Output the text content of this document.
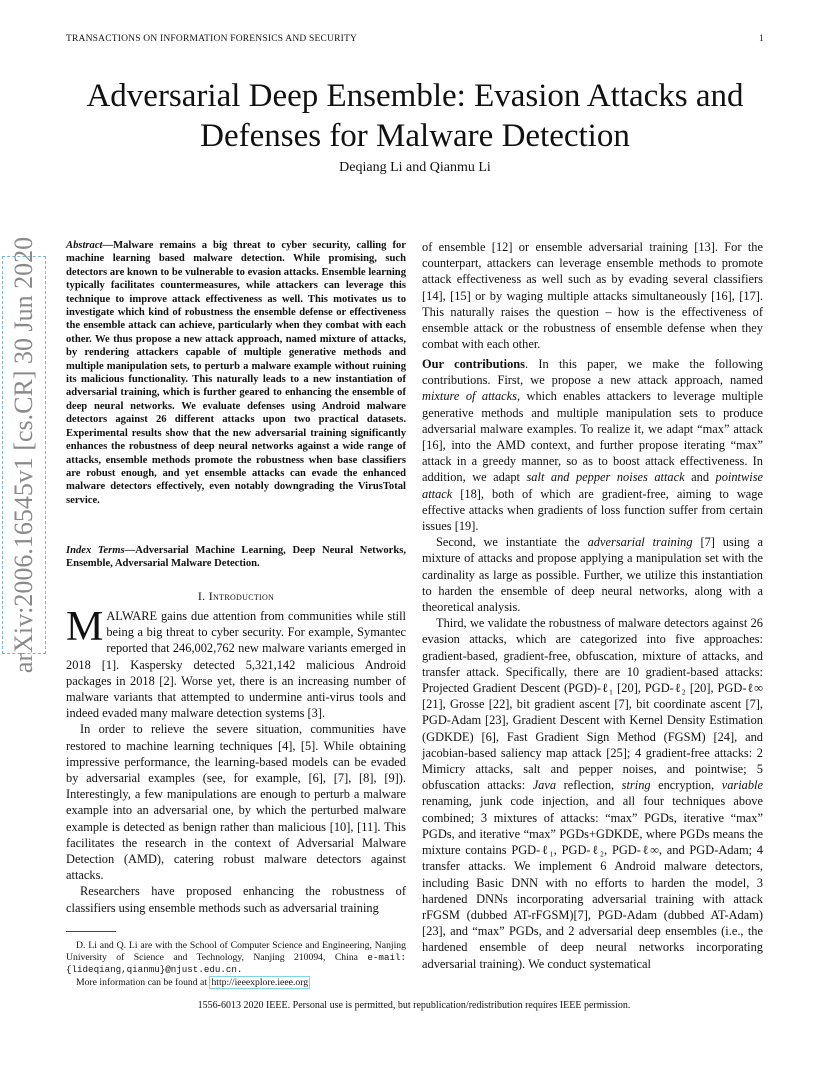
TRANSACTIONS ON INFORMATION FORENSICS AND SECURITY	1
arXiv:2006.16545v1 [cs.CR] 30 Jun 2020
Adversarial Deep Ensemble: Evasion Attacks and
Defenses for Malware Detection
Deqiang Li and Qianmu Li

Abstract—Malware remains a big threat to cyber security, calling for machine learning based malware detection. While promising, such detectors are known to be vulnerable to evasion attacks. Ensemble learning typically facilitates countermeasures, while attackers can leverage this technique to improve attack effectiveness as well. This motivates us to investigate which kind of robustness the ensemble defense or effectiveness the ensemble attack can achieve, particularly when they combat with each other. We thus propose a new attack approach, named mixture of attacks, by rendering attackers capable of multiple generative methods and multiple manipulation sets, to perturb a malware example without ruining its malicious functionality. This naturally leads to a new instantiation of adversarial training, which is further geared to enhancing the ensemble of deep neural networks. We evaluate defenses using Android malware detectors against 26 different attacks upon two practical datasets. Experimental results show that the new adversarial training significantly enhances the robustness of deep neural networks against a wide range of attacks, ensemble methods promote the robustness when base classifiers are robust enough, and yet ensemble attacks can evade the enhanced malware detectors effectively, even notably downgrading the VirusTotal service.

Index Terms—Adversarial Machine Learning, Deep Neural Networks, Ensemble, Adversarial Malware Detection.

I. Introduction

MALWARE gains due attention from communities while still being a big threat to cyber security. For example, Symantec reported that 246,002,762 new malware variants emerged in 2018 [1]. Kaspersky detected 5,321,142 malicious Android packages in 2018 [2]. Worse yet, there is an increasing number of malware variants that attempted to undermine anti-virus tools and indeed evaded many malware detection systems [3].

In order to relieve the severe situation, communities have restored to machine learning techniques [4], [5]. While obtaining impressive performance, the learning-based models can be evaded by adversarial examples (see, for example, [6], [7], [8], [9]). Interestingly, a few manipulations are enough to perturb a malware example into an adversarial one, by which the perturbed malware example is detected as benign rather than malicious [10], [11]. This facilitates the research in the context of Adversarial Malware Detection (AMD), catering robust malware detectors against attacks.

Researchers have proposed enhancing the robustness of classifiers using ensemble methods such as adversarial training

D. Li and Q. Li are with the School of Computer Science and Engineering, Nanjing University of Science and Technology, Nanjing 210094, China e-mail: {lideqiang,qianmu}@njust.edu.cn.

More information can be found at http://ieeexplore.ieee.org

of ensemble [12] or ensemble adversarial training [13]. For the counterpart, attackers can leverage ensemble methods to promote attack effectiveness as well such as by evading several classifiers [14], [15] or by waging multiple attacks simultaneously [16], [17]. This naturally raises the question – how is the effectiveness of ensemble attack or the robustness of ensemble defense when they combat with each other.

Our contributions. In this paper, we make the following contributions. First, we propose a new attack approach, named mixture of attacks, which enables attackers to leverage multiple generative methods and multiple manipulation sets to produce adversarial malware examples. To realize it, we adapt “max” attack [16], into the AMD context, and further propose iterating “max” attack in a greedy manner, so as to boost attack effectiveness. In addition, we adapt salt and pepper noises attack and pointwise attack [18], both of which are gradient-free, aiming to wage effective attacks when gradients of loss function suffer from certain issues [19].

Second, we instantiate the adversarial training [7] using a mixture of attacks and propose applying a manipulation set with the cardinality as large as possible. Further, we utilize this instantiation to harden the ensemble of deep neural networks, along with a theoretical analysis.

Third, we validate the robustness of malware detectors against 26 evasion attacks, which are categorized into five approaches: gradient-based, gradient-free, obfuscation, mixture of attacks, and transfer attack. Specifically, there are 10 gradient-based attacks: Projected Gradient Descent (PGD)-ℓ₁ [20], PGD-ℓ₂ [20], PGD-ℓ∞ [21], Grosse [22], bit gradient ascent [7], bit coordinate ascent [7], PGD-Adam [23], Gradient Descent with Kernel Density Estimation (GDKDE) [6], Fast Gradient Sign Method (FGSM) [24], and jacobian-based saliency map attack [25]; 4 gradient-free attacks: 2 Mimicry attacks, salt and pepper noises, and pointwise; 5 obfuscation attacks: Java reflection, string encryption, variable renaming, junk code injection, and all four techniques above combined; 3 mixtures of attacks: “max” PGDs, iterative “max” PGDs, and iterative “max” PGDs+GDKDE, where PGDs means the mixture contains PGD-ℓ₁, PGD-ℓ₂, PGD-ℓ∞, and PGD-Adam; 4 transfer attacks. We implement 6 Android malware detectors, including Basic DNN with no efforts to harden the model, 3 hardened DNNs incorporating adversarial training with attack rFGSM (dubbed AT-rFGSM)[7], PGD-Adam (dubbed AT-Adam) [23], and “max” PGDs, and 2 adversarial deep ensembles (i.e., the hardened ensemble of deep neural networks incorporating adversarial training). We conduct systematical

1556-6013 2020 IEEE. Personal use is permitted, but republication/redistribution requires IEEE permission.
